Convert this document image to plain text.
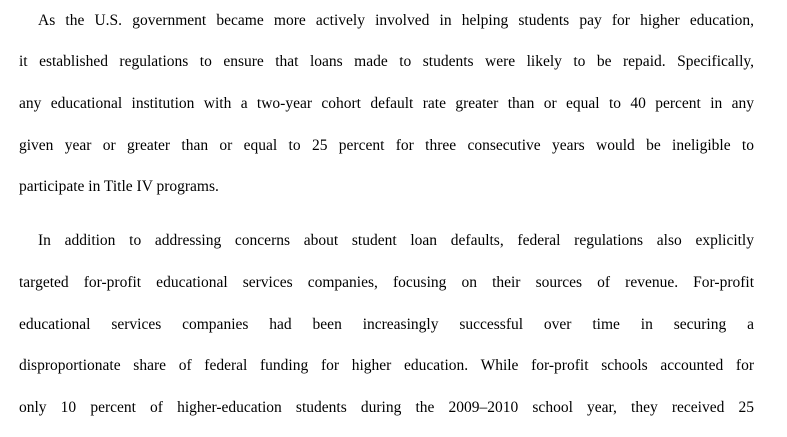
As the U.S. government became more actively involved in helping students pay for higher education,
it established regulations to ensure that loans made to students were likely to be repaid. Specifically,
any educational institution with a two-year cohort default rate greater than or equal to 40 percent in any
given year or greater than or equal to 25 percent for three consecutive years would be ineligible to
participate in Title IV programs.
In addition to addressing concerns about student loan defaults, federal regulations also explicitly
targeted for-profit educational services companies, focusing on their sources of revenue. For-profit
educational services companies had been increasingly successful over time in securing a
disproportionate share of federal funding for higher education. While for-profit schools accounted for
only 10 percent of higher-education students during the 2009–2010 school year, they received 25
